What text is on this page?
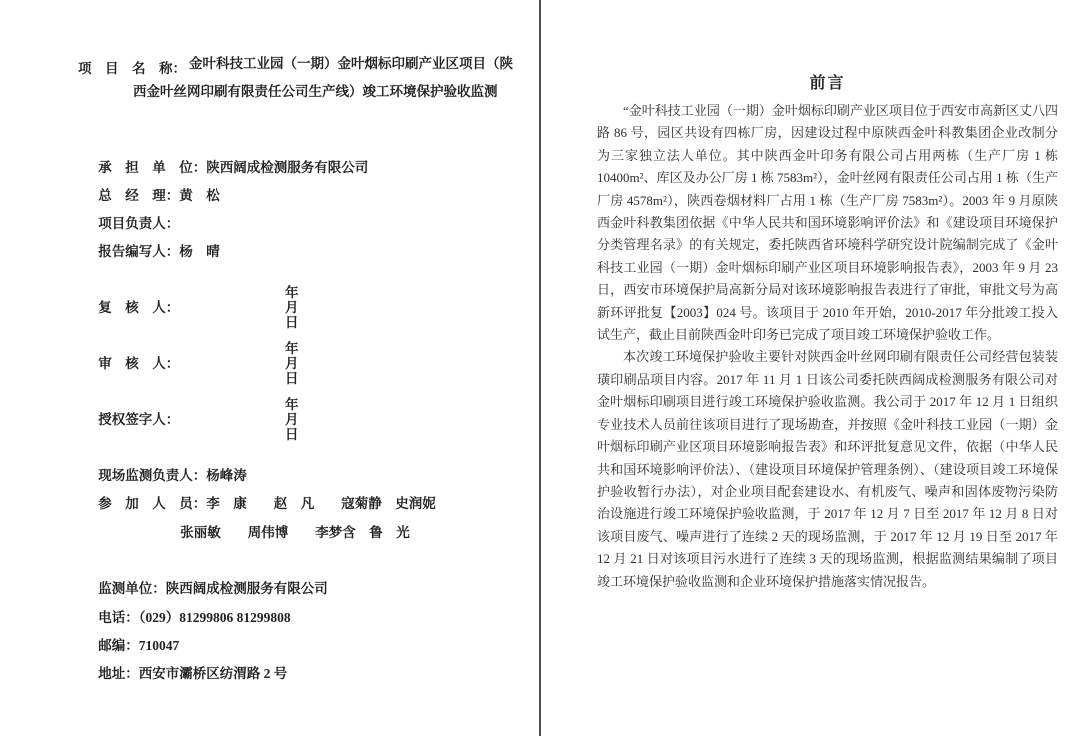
项　目　名　称： 金叶科技工业园（一期）金叶烟标印刷产业区项目（陕西金叶丝网印刷有限责任公司生产线）竣工环境保护验收监测

承　担　单　位：陕西阔成检测服务有限公司

总　经　理：黄　松

项目负责人：

报告编写人：杨　晴

复　核　人：

年　　月　　日

审　核　人：

年　　月　　日

授权签字人：

年　　月　　日

现场监测负责人：杨峰涛

参　加　人　员：李　康　　赵　凡　　寇菊静　史润妮

张丽敏　　周伟博　　李梦含　鲁　光

监测单位：陕西阔成检测服务有限公司

电话：（029）81299806 81299808

邮编：710047

地址：西安市灞桥区纺渭路 2 号

前言

“金叶科技工业园（一期）金叶烟标印刷产业区项目位于西安市高新区丈八四路 86 号，园区共设有四栋厂房，因建设过程中原陕西金叶科教集团企业改制分为三家独立法人单位。其中陕西金叶印务有限公司占用两栋（生产厂房 1 栋 10400m²、库区及办公厂房 1 栋 7583m²），金叶丝网有限责任公司占用 1 栋（生产厂房 4578m²），陕西卷烟材料厂占用 1 栋（生产厂房 7583m²）。2003 年 9 月原陕西金叶科教集团依据《中华人民共和国环境影响评价法》和《建设项目环境保护分类管理名录》的有关规定，委托陕西省环境科学研究设计院编制完成了《金叶科技工业园（一期）金叶烟标印刷产业区项目环境影响报告表》，2003 年 9 月 23 日，西安市环境保护局高新分局对该环境影响报告表进行了审批，审批文号为高新环评批复【2003】024 号。该项目于 2010 年开始，2010-2017 年分批竣工投入试生产，截止目前陕西金叶印务已完成了项目竣工环境保护验收工作。

本次竣工环境保护验收主要针对陕西金叶丝网印刷有限责任公司经营包装装璜印刷品项目内容。2017 年 11 月 1 日该公司委托陕西阔成检测服务有限公司对金叶烟标印刷项目进行竣工环境保护验收监测。我公司于 2017 年 12 月 1 日组织专业技术人员前往该项目进行了现场勘查，并按照《金叶科技工业园（一期）金叶烟标印刷产业区项目环境影响报告表》和环评批复意见文件，依据（中华人民共和国环境影响评价法）、（建设项目环境保护管理条例）、（建设项目竣工环境保护验收暂行办法），对企业项目配套建设水、有机废气、噪声和固体废物污染防治设施进行竣工环境保护验收监测，于 2017 年 12 月 7 日至 2017 年 12 月 8 日对该项目废气、噪声进行了连续 2 天的现场监测，于 2017 年 12 月 19 日至 2017 年 12 月 21 日对该项目污水进行了连续 3 天的现场监测，根据监测结果编制了项目竣工环境保护验收监测和企业环境保护措施落实情况报告。
